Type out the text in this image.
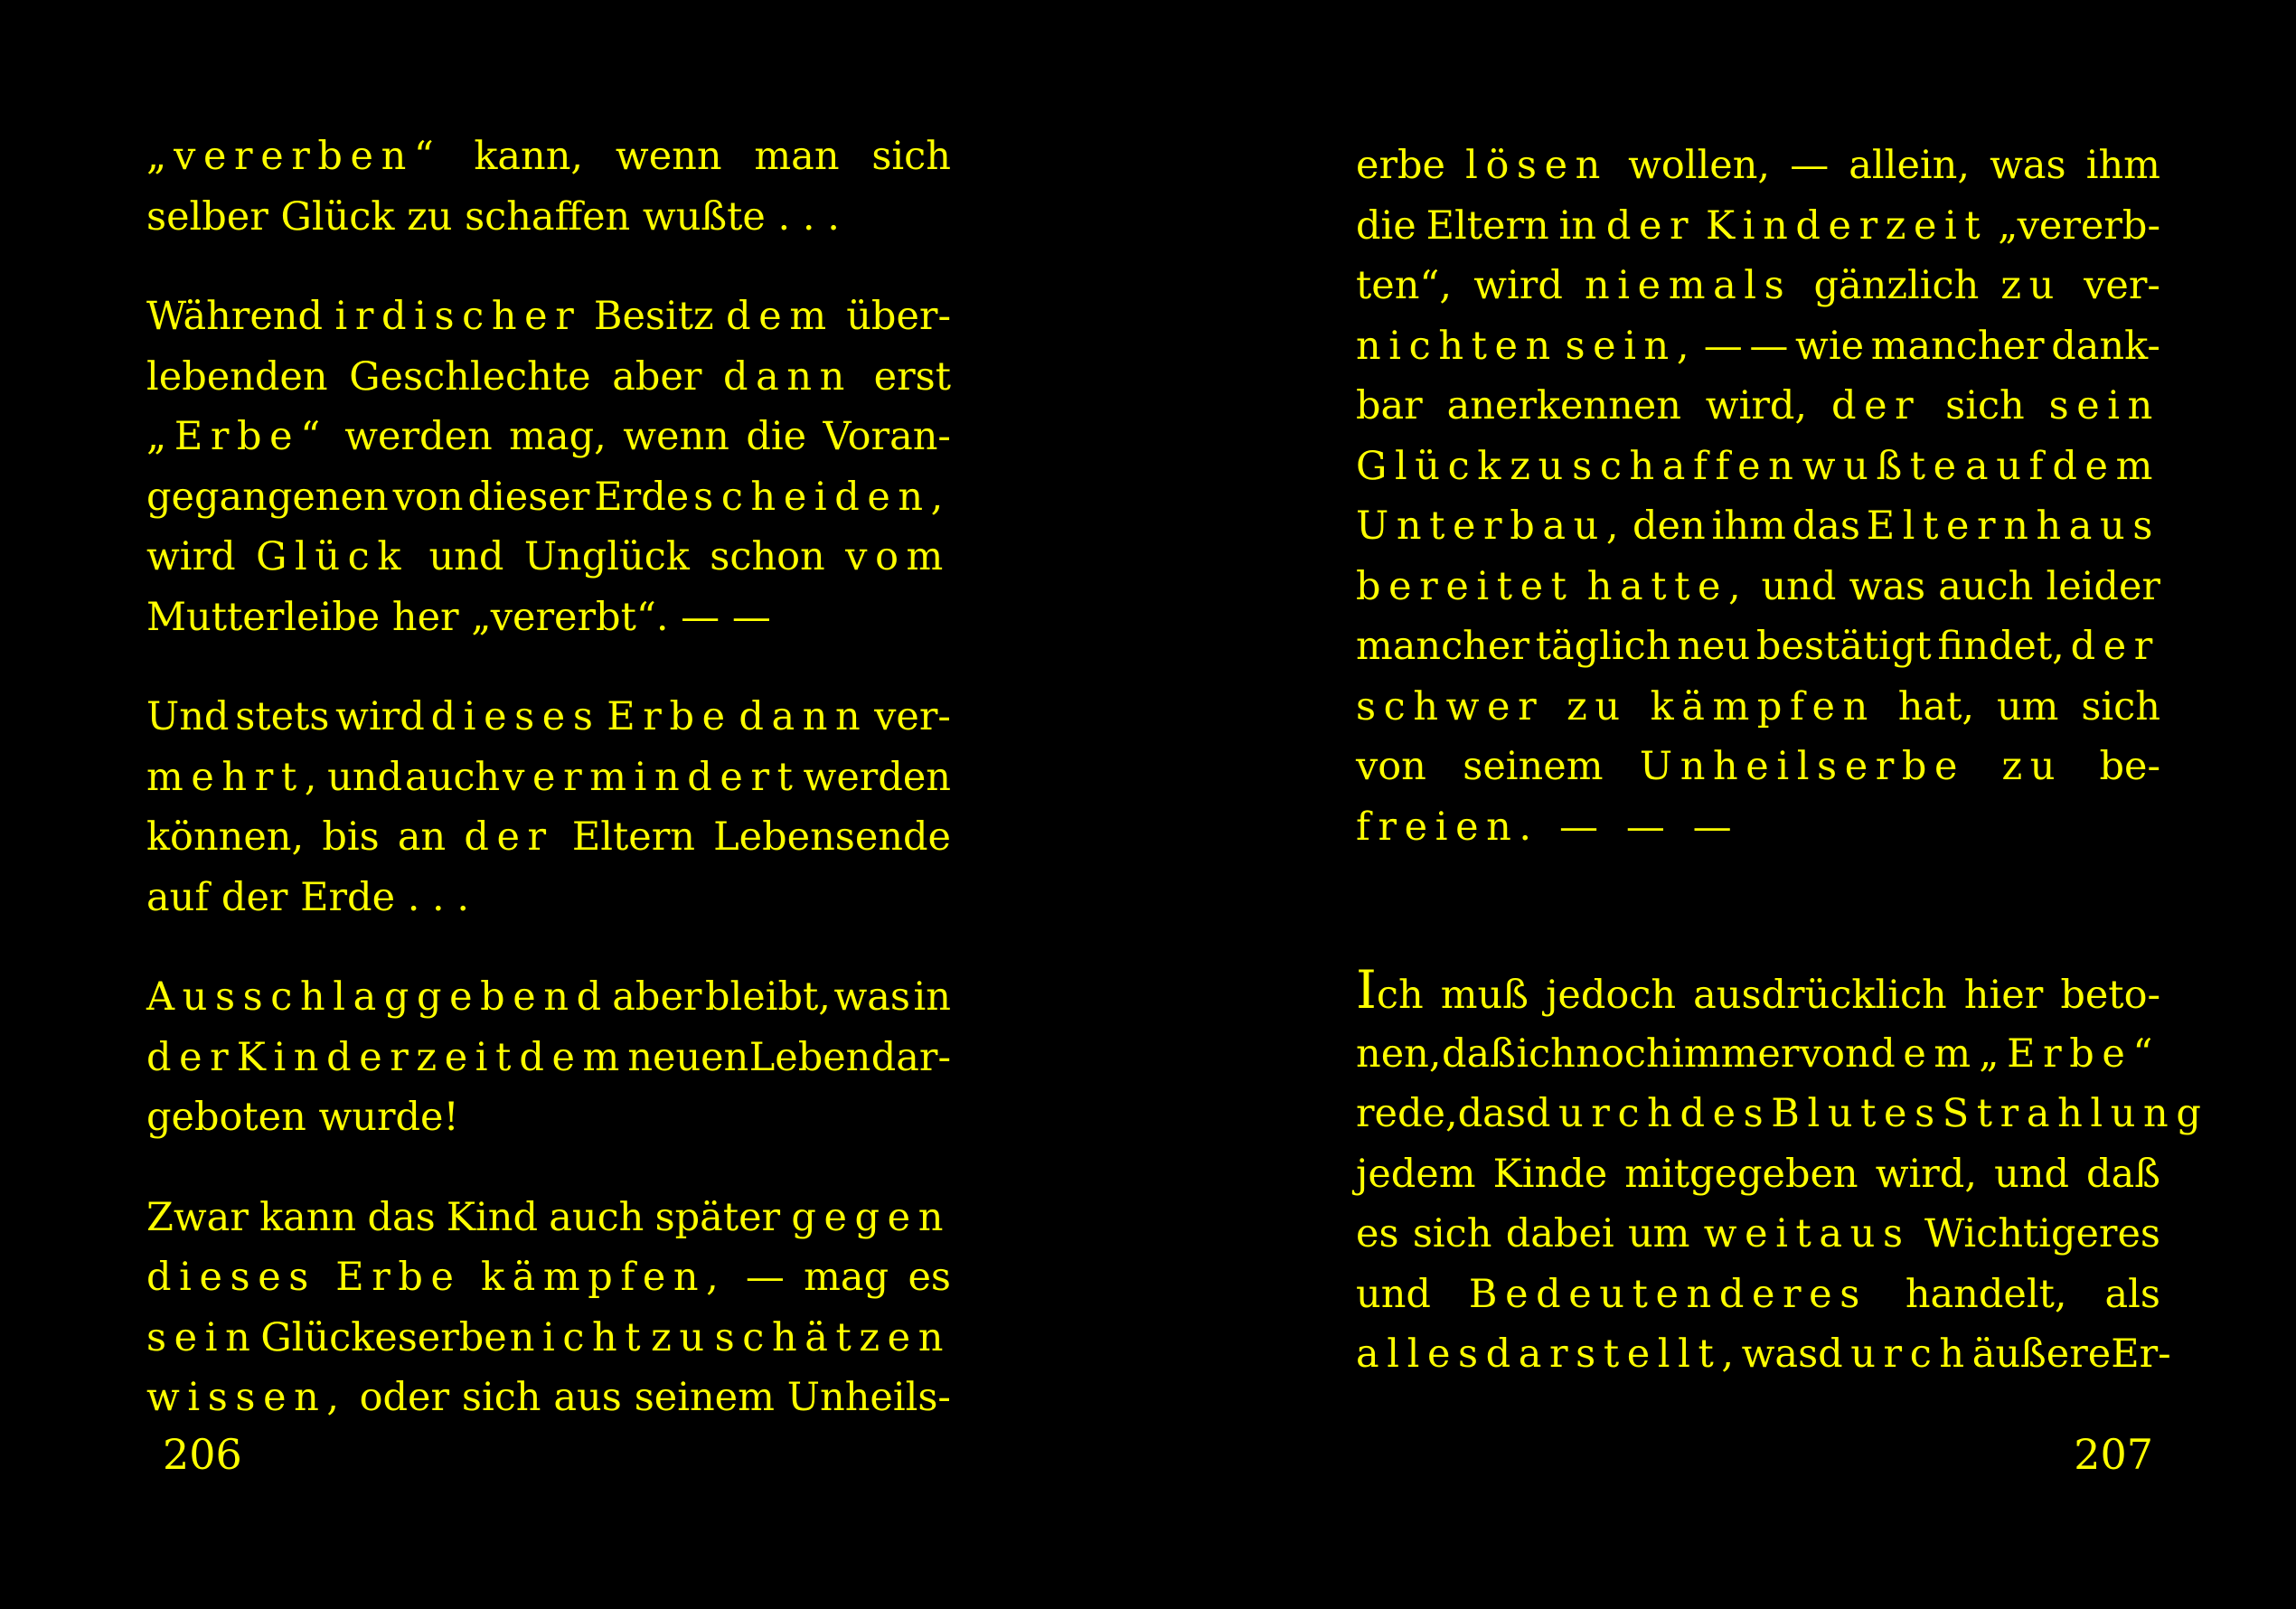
„vererben“ kann, wenn man sich
selber Glück zu schaffen wußte . . .
Während irdischer Besitz dem über-
lebenden Geschlechte aber dann erst
„Erbe“ werden mag, wenn die Voran-
gegangenen von dieser Erde scheiden,
wird Glück und Unglück schon vom
Mutterleibe her „vererbt“. — —
Und stets wird dieses Erbe dann ver-
mehrt, und auch vermindert werden
können, bis an der Eltern Lebensende
auf der Erde . . .
Ausschlaggebend aber bleibt, was in
der Kinderzeit dem neuen Leben dar-
geboten wurde!
Zwar kann das Kind auch später gegen
dieses Erbe kämpfen, — mag es
sein Glückeserbe nicht zu schätzen
wissen, oder sich aus seinem Unheils-
206
erbe lösen wollen, — allein, was ihm
die Eltern in der Kinderzeit „vererb-
ten“, wird niemals gänzlich zu ver-
nichten sein, — — wie mancher dank-
bar anerkennen wird, der sich sein
Glück zu schaffen wußte auf dem
Unterbau, den ihm das Elternhaus
bereitet hatte, und was auch leider
mancher täglich neu bestätigt findet, der
schwer zu kämpfen hat, um sich
von seinem Unheilserbe zu be-
freien. — — —
Ich muß jedoch ausdrücklich hier beto-
nen, daß ich noch immer von dem „Erbe“
rede, das durch des Blutes Strahlung
jedem Kinde mitgegeben wird, und daß
es sich dabei um weitaus Wichtigeres
und Bedeutenderes handelt, als
alles darstellt, was durch äußere Er-
207
